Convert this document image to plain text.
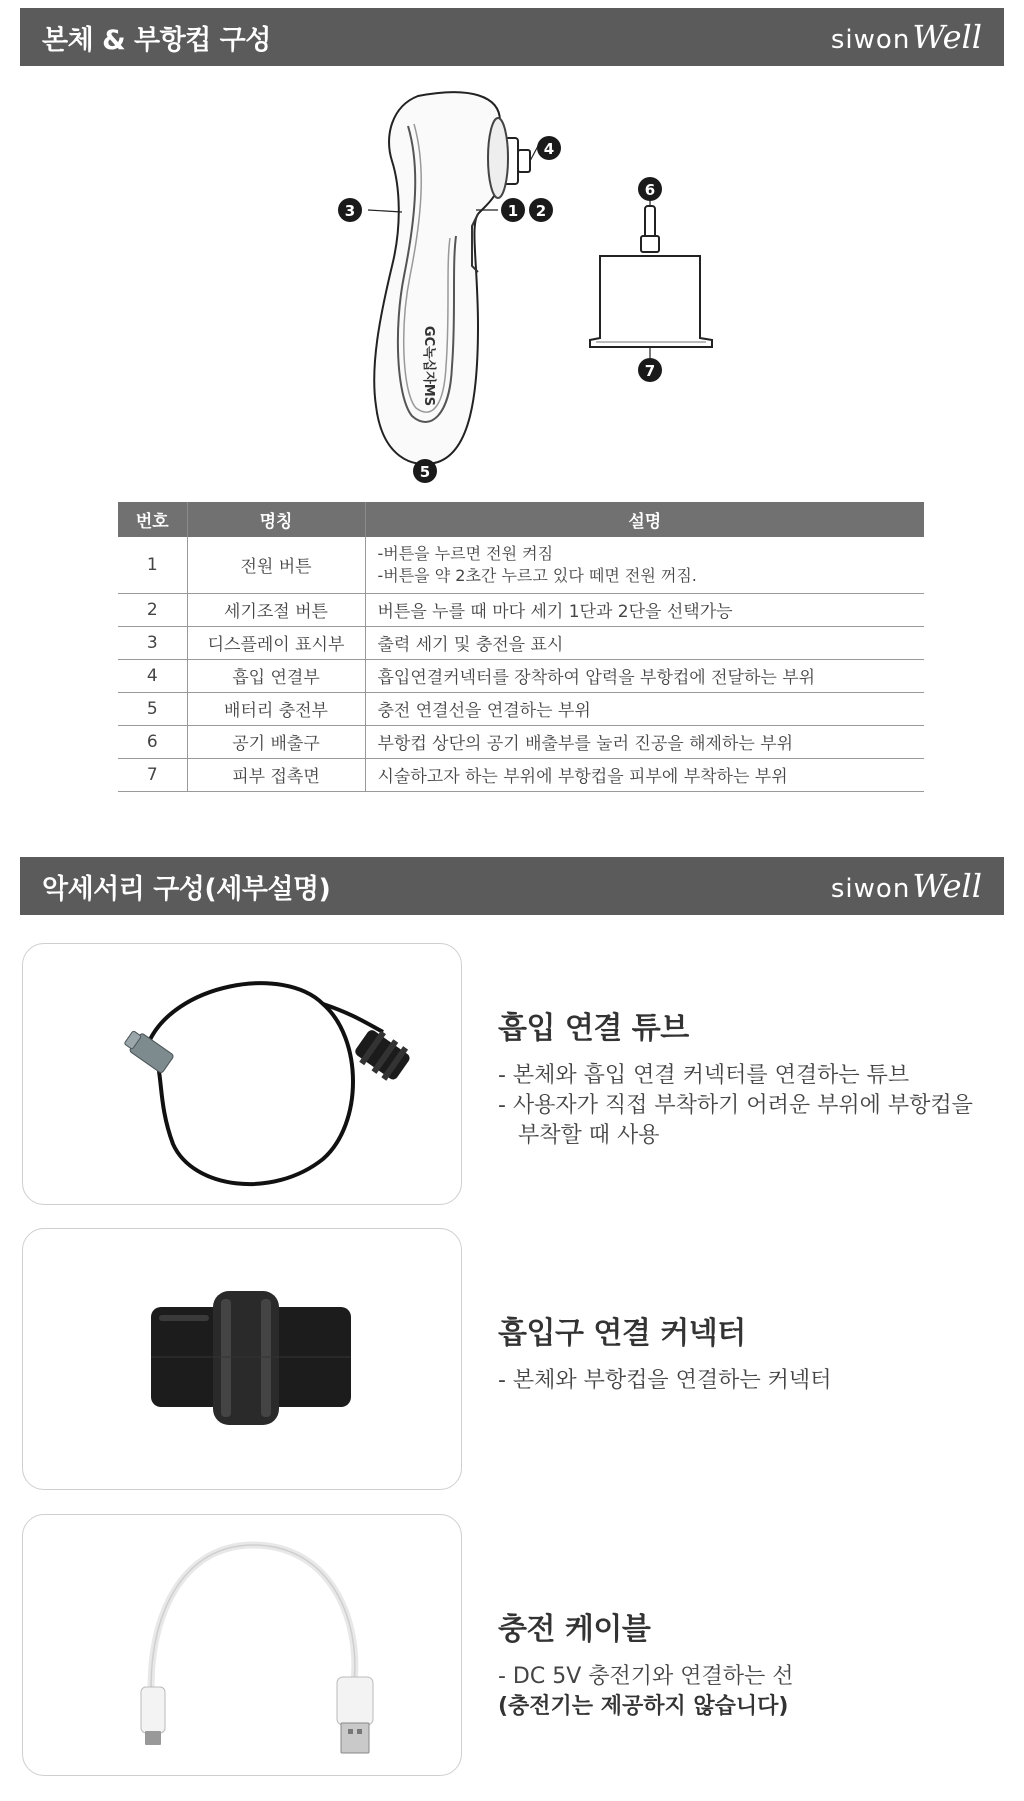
본체 & 부항컵 구성	siwon Well
GC녹십자MS
4
3	1 2
5
6
7
번호	명칭	설명
1	전원 버튼	-버튼을 누르면 전원 켜짐
-버튼을 약 2초간 누르고 있다 떼면 전원 꺼짐.

2	세기조절 버튼	버튼을 누를 때 마다 세기 1단과 2단을 선택가능
3	디스플레이 표시부	출력 세기 및 충전을 표시
4	흡입 연결부	흡입연결커넥터를 장착하여 압력을 부항컵에 전달하는 부위
5	배터리 충전부	충전 연결선을 연결하는 부위
6	공기 배출구	부항컵 상단의 공기 배출부를 눌러 진공을 해제하는 부위
7	피부 접촉면	시술하고자 하는 부위에 부항컵을 피부에 부착하는 부위
악세서리 구성(세부설명)	siwon Well
흡입 연결 튜브
- 본체와 흡입 연결 커넥터를 연결하는 튜브
- 사용자가 직접 부착하기 어려운 부위에 부항컵을
부착할 때 사용
흡입구 연결 커넥터
- 본체와 부항컵을 연결하는 커넥터
충전 케이블
- DC 5V 충전기와 연결하는 선
(충전기는 제공하지 않습니다)
